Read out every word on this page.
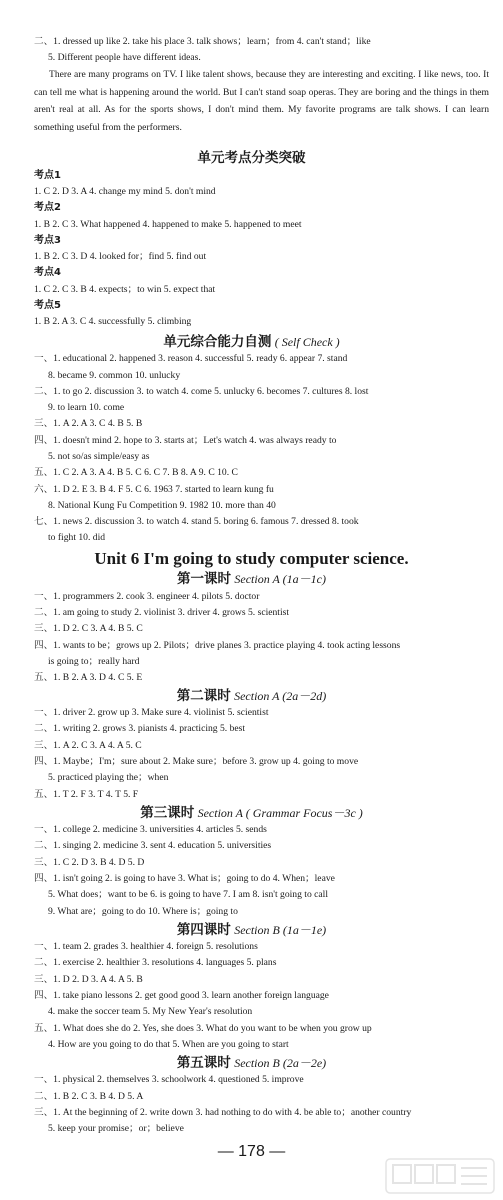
二、1. dressed up like 2. take his place 3. talk shows；learn；from 4. can't stand；like
5. Different people have different ideas.
There are many programs on TV. I like talent shows, because they are interesting and exciting. I like news, too. It can tell me what is happening around the world. But I can't stand soap operas. They are boring and the things in them aren't real at all. As for the sports shows, I don't mind them. My favorite programs are talk shows. I can learn something useful from the performers.
单元考点分类突破
考点1
1. C 2. D 3. A 4. change my mind 5. don't mind
考点2
1. B 2. C 3. What happened 4. happened to make 5. happened to meet
考点3
1. B 2. C 3. D 4. looked for；find 5. find out
考点4
1. C 2. C 3. B 4. expects；to win 5. expect that
考点5
1. B 2. A 3. C 4. successfully 5. climbing
单元综合能力自测 ( Self Check )
一、1. educational 2. happened 3. reason 4. successful 5. ready 6. appear 7. stand
8. became 9. common 10. unlucky
二、1. to go 2. discussion 3. to watch 4. come 5. unlucky 6. becomes 7. cultures 8. lost
9. to learn 10. come
三、1. A 2. A 3. C 4. B 5. B
四、1. doesn't mind 2. hope to 3. starts at；Let's watch 4. was always ready to
5. not so/as simple/easy as
五、1. C 2. A 3. A 4. B 5. C 6. C 7. B 8. A 9. C 10. C
六、1. D 2. E 3. B 4. F 5. C 6. 1963 7. started to learn kung fu
8. National Kung Fu Competition 9. 1982 10. more than 40
七、1. news 2. discussion 3. to watch 4. stand 5. boring 6. famous 7. dressed 8. took
to fight 10. did
Unit 6 I'm going to study computer science.
第一课时 Section A (1a－1c)
一、1. programmers 2. cook 3. engineer 4. pilots 5. doctor
二、1. am going to study 2. violinist 3. driver 4. grows 5. scientist
三、1. D 2. C 3. A 4. B 5. C
四、1. wants to be；grows up 2. Pilots；drive planes 3. practice playing 4. took acting lessons
is going to；really hard
五、1. B 2. A 3. D 4. C 5. E
第二课时 Section A (2a－2d)
一、1. driver 2. grow up 3. Make sure 4. violinist 5. scientist
二、1. writing 2. grows 3. pianists 4. practicing 5. best
三、1. A 2. C 3. A 4. A 5. C
四、1. Maybe；I'm；sure about 2. Make sure；before 3. grow up 4. going to move
5. practiced playing the；when
五、1. T 2. F 3. T 4. T 5. F
第三课时 Section A ( Grammar Focus－3c )
一、1. college 2. medicine 3. universities 4. articles 5. sends
二、1. singing 2. medicine 3. sent 4. education 5. universities
三、1. C 2. D 3. B 4. D 5. D
四、1. isn't going 2. is going to have 3. What is；going to do 4. When；leave
5. What does；want to be 6. is going to have 7. I am 8. isn't going to call
9. What are；going to do 10. Where is；going to
第四课时 Section B (1a－1e)
一、1. team 2. grades 3. healthier 4. foreign 5. resolutions
二、1. exercise 2. healthier 3. resolutions 4. languages 5. plans
三、1. D 2. D 3. A 4. A 5. B
四、1. take piano lessons 2. get good good 3. learn another foreign language
4. make the soccer team 5. My New Year's resolution
五、1. What does she do 2. Yes, she does 3. What do you want to be when you grow up
4. How are you going to do that 5. When are you going to start
第五课时 Section B (2a－2e)
一、1. physical 2. themselves 3. schoolwork 4. questioned 5. improve
二、1. B 2. C 3. B 4. D 5. A
三、1. At the beginning of 2. write down 3. had nothing to do with 4. be able to；another country
5. keep your promise；or；believe
— 178 —
